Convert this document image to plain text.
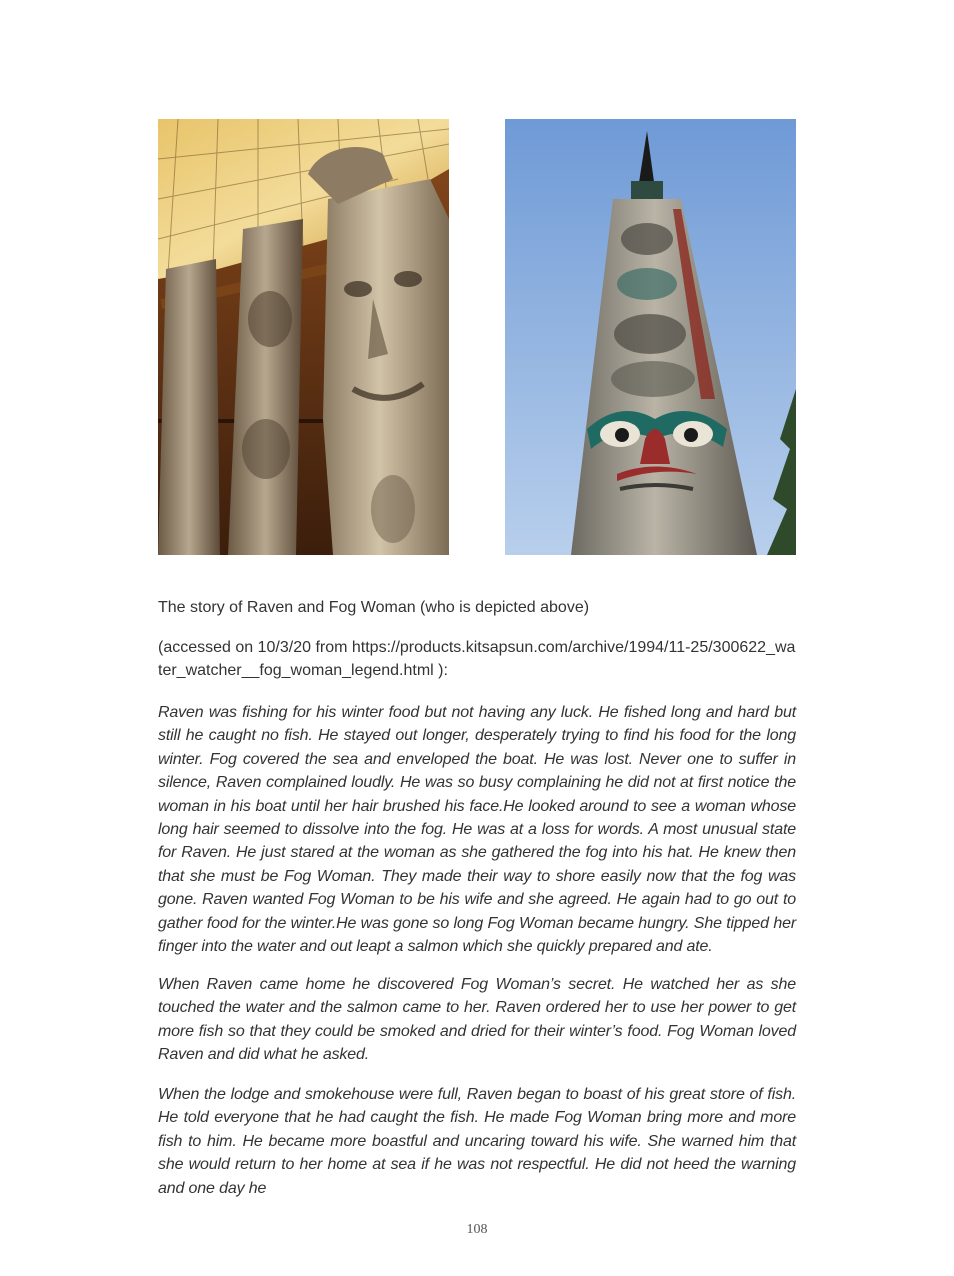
The story of Raven and Fog Woman (who is depicted above)
(accessed on 10/3/20 from https://products.kitsapsun.com/archive/1994/11-25/300622_water_watcher__fog_woman_legend.html ):
Raven was fishing for his winter food but not having any luck. He fished long and hard but still he caught no fish. He stayed out longer, desperately trying to find his food for the long winter. Fog covered the sea and enveloped the boat. He was lost. Never one to suffer in silence, Raven complained loudly. He was so busy complaining he did not at first notice the woman in his boat until her hair brushed his face.He looked around to see a woman whose long hair seemed to dissolve into the fog. He was at a loss for words. A most unusual state for Raven. He just stared at the woman as she gathered the fog into his hat. He knew then that she must be Fog Woman. They made their way to shore easily now that the fog was gone. Raven wanted Fog Woman to be his wife and she agreed. He again had to go out to gather food for the winter.He was gone so long Fog Woman became hungry. She tipped her finger into the water and out leapt a salmon which she quickly prepared and ate.
When Raven came home he discovered Fog Woman’s secret. He watched her as she touched the water and the salmon came to her. Raven ordered her to use her power to get more fish so that they could be smoked and dried for their winter’s food. Fog Woman loved Raven and did what he asked.
When the lodge and smokehouse were full, Raven began to boast of his great store of fish. He told everyone that he had caught the fish. He made Fog Woman bring more and more fish to him. He became more boastful and uncaring toward his wife. She warned him that she would return to her home at sea if he was not respectful. He did not heed the warning and one day he
108
